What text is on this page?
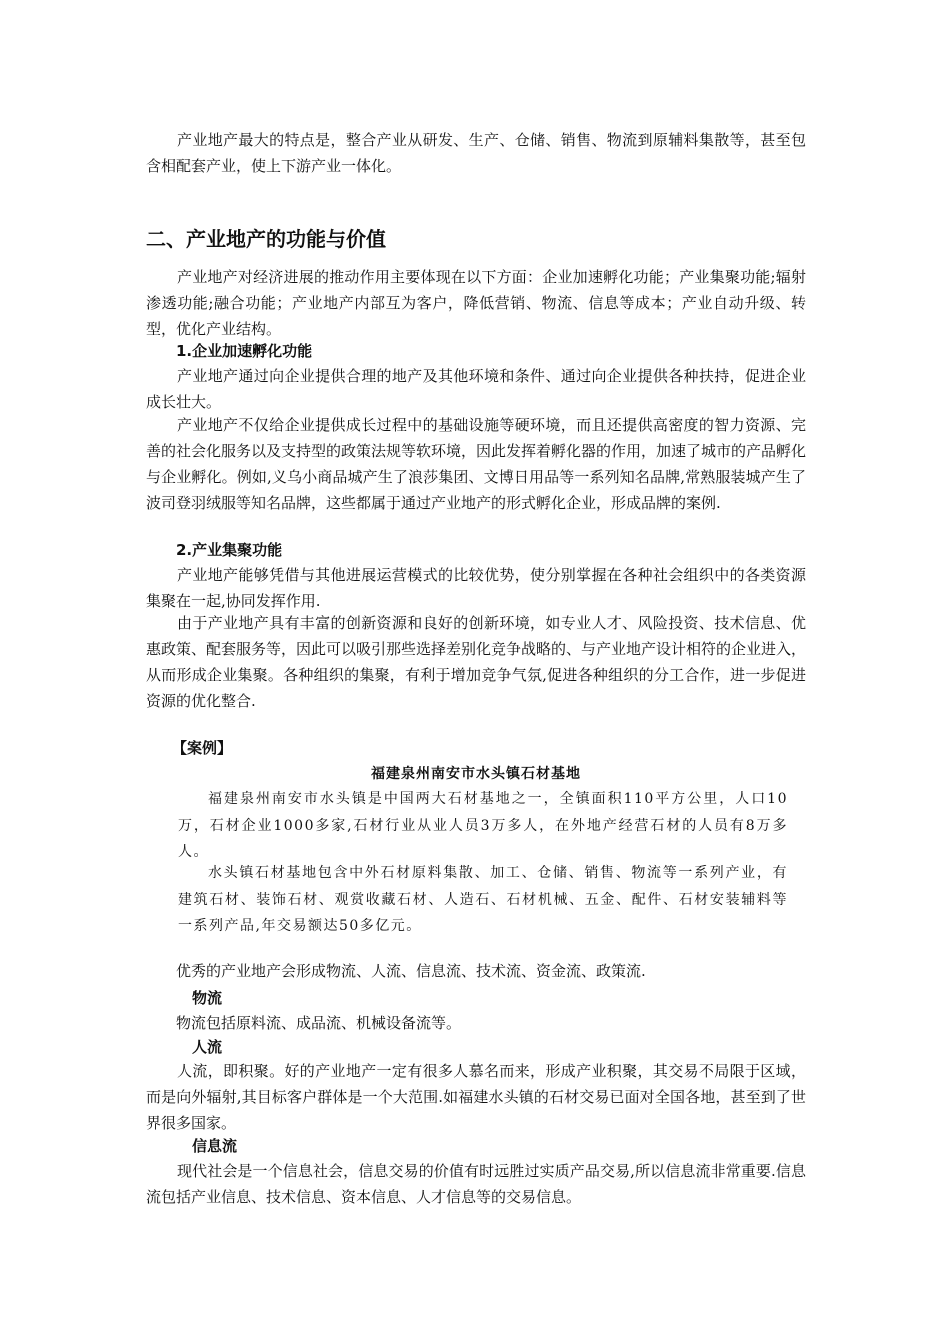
产业地产最大的特点是，整合产业从研发、生产、仓储、销售、物流到原辅料集散等，甚至包含相配套产业，使上下游产业一体化。

二、产业地产的功能与价值

产业地产对经济进展的推动作用主要体现在以下方面：企业加速孵化功能；产业集聚功能;辐射渗透功能;融合功能；产业地产内部互为客户，降低营销、物流、信息等成本；产业自动升级、转型，优化产业结构。

1.企业加速孵化功能

产业地产通过向企业提供合理的地产及其他环境和条件、通过向企业提供各种扶持，促进企业成长壮大。

产业地产不仅给企业提供成长过程中的基础设施等硬环境，而且还提供高密度的智力资源、完善的社会化服务以及支持型的政策法规等软环境，因此发挥着孵化器的作用，加速了城市的产品孵化与企业孵化。例如,义乌小商品城产生了浪莎集团、文博日用品等一系列知名品牌,常熟服装城产生了波司登羽绒服等知名品牌，这些都属于通过产业地产的形式孵化企业，形成品牌的案例.

2.产业集聚功能

产业地产能够凭借与其他进展运营模式的比较优势，使分别掌握在各种社会组织中的各类资源集聚在一起,协同发挥作用.

由于产业地产具有丰富的创新资源和良好的创新环境，如专业人才、风险投资、技术信息、优惠政策、配套服务等，因此可以吸引那些选择差别化竞争战略的、与产业地产设计相符的企业进入，从而形成企业集聚。各种组织的集聚，有利于增加竞争气氛,促进各种组织的分工合作，进一步促进资源的优化整合.

【案例】

福建泉州南安市水头镇石材基地

福建泉州南安市水头镇是中国两大石材基地之一，全镇面积110平方公里，人口10万，石材企业1000多家,石材行业从业人员3万多人，在外地产经营石材的人员有8万多人。

水头镇石材基地包含中外石材原料集散、加工、仓储、销售、物流等一系列产业，有建筑石材、装饰石材、观赏收藏石材、人造石、石材机械、五金、配件、石材安装辅料等一系列产品,年交易额达50多亿元。

优秀的产业地产会形成物流、人流、信息流、技术流、资金流、政策流.

物流

物流包括原料流、成品流、机械设备流等。

人流

人流，即积聚。好的产业地产一定有很多人慕名而来，形成产业积聚，其交易不局限于区域，而是向外辐射,其目标客户群体是一个大范围.如福建水头镇的石材交易已面对全国各地，甚至到了世界很多国家。

信息流

现代社会是一个信息社会，信息交易的价值有时远胜过实质产品交易,所以信息流非常重要.信息流包括产业信息、技术信息、资本信息、人才信息等的交易信息。
